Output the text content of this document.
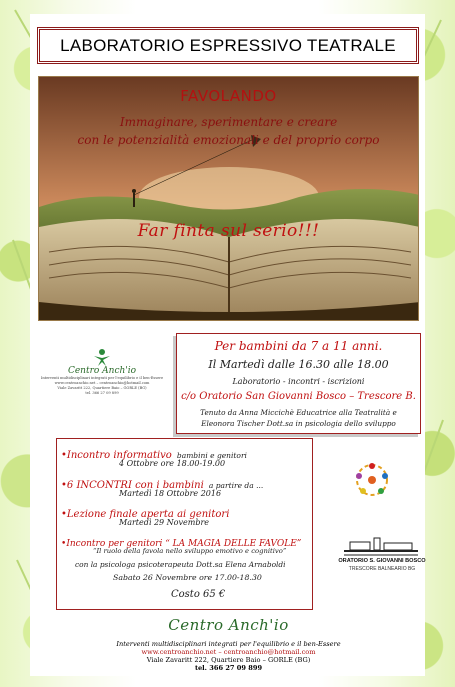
LABORATORIO ESPRESSIVO TEATRALE
FAVOLANDO
Immaginare, sperimentare e creare
con le potenzialità emozionali e del proprio corpo
Far finta sul serio!!!
Centro Anch'io
Interventi multidisciplinari integrati per l'equilibrio e il ben-Essere
www.centroanchio.net – centroanchio@hotmail.com
Viale Zavaritt 222, Quartiere Baio – GORLE (BG)
tel. 366 27 09 899
Per bambini da 7 a 11 anni.
Il Martedì dalle 16.30 alle 18.00
Laboratorio - incontri - iscrizioni
c/o Oratorio San Giovanni Bosco – Trescore B.
Tenuto da Anna Miccichè Educatrice alla Teatralità e
Eleonora Tischer Dott.sa in psicologia dello sviluppo
•Incontro informativo bambini e genitori
4 Ottobre ore 18.00-19.00
•6 INCONTRI con i bambini a partire da ...
Martedì 18 Ottobre 2016
•Lezione finale aperta ai genitori
Martedì 29 Novembre
•Incontro per genitori “ LA MAGIA DELLE FAVOLE”
“Il ruolo della favola nello sviluppo emotivo e cognitivo”
con la psicologa psicoterapeuta Dott.sa Elena Arnaboldi
Sabato 26 Novembre ore 17.00-18.30
Costo 65 €
ORATORIO S. GIOVANNI BOSCO
TRESCORE BALNEARIO BG
Centro Anch'io
Interventi multidisciplinari integrati per l'equilibrio e il ben-Essere
www.centroanchio.net – centroanchio@hotmail.com
Viale Zavaritt 222, Quartiere Baio – GORLE (BG)
tel. 366 27 09 899
